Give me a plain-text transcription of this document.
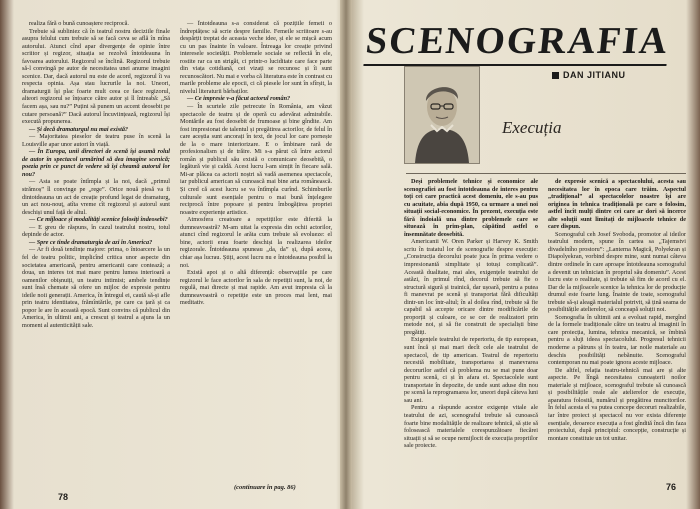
realiza fără o bună cunoaștere reciprocă.

Trebuie să subliniez că în teatrul nostru deciziile finale asupra felului cum trebuie să se facă ceva se află în mîna autorului. Atunci cînd apar divergențe de opinie între scriitor și regizor, situația se rezolvă întotdeauna în favoarea autorului. Regizorul se înclină. Regizorul trebuie să-l convingă pe autor de necesitatea unei anume imagini scenice. Dar, dacă autorul nu este de acord, regizorul îi va respecta opinia. Așa stau lucrurile la noi. Uneori, dramaturgii își plac foarte mult ceea ce face regizorul, alteori regizorul se înțoarce către autor și îl întreabă: „Să facem așa, sau nu?” Puțini să punem un accent deosebit pe cutare persoană?” Dacă autorul încuviințează, regizorul își execută propunerea.

— Și decă dramaturgul nu mai există?

— Majoritatea pieselor de teatru puse în scenă la Louisville apar unor autori în viață.

— În Europa, unii directori de scenă își asumă rolul de autor în spectacol urmărind să dea imagine scenică; poezia prin ce punct de vedere să își cheamă autorul lor nou?

— Asta se poate întîmpla și la noi, dacă „primul strămoș” îl convinge pe „rege”. Orice nouă piesă va fi dintotdeauna un act de creație profund legat de dramaturg, un act nou-nouț, atîta vreme cît regizorul și autorul sunt deschiși unul față de altul.

— Ce mijloace și modalități scenice folosiți îndeosebi?

— E greu de răspuns, în cazul teatrului nostru, totul depinde de actor.

— Spre ce tinde dramaturgia de azi în America?

— Ar fi două tendințe majore: prima, o întoarcere la un fel de teatru politic, implicînd critica unor aspecte din societatea americană, pentru americanii care contează; a doua, un interes tot mai mare pentru lumea interioară a oamenilor obișnuiți, un teatru intimist; ambele tendințe sunt însă chemate să ofere un mijloc de expresie pentru ideile noii generații. America, în întregul ei, caută să-și afle prin teatru identitatea, frămîntările, pe care ca țară și ca popor le are în această epocă. Sunt convins că publicul din America, în ultimii ani, a crescut și teatrul a ajuns la un moment al autenticității sale.

— Întotdeauna s-a considerat că pozițiile femeii o îndreptățesc să scrie despre familie. Femeile scriitoare s-au despărțit treptat de aceasta veche idee, și ele se mișcă acum cu un pas înainte în valoare. Întreaga lor creație privind interesele societății. Problemele sociale se reflectă în ele, rostite rar ca un strigăt, ci printr-o luciditate care face parte din viața cotidiană, cei vizați se recunosc și îi sunt recunoscători. Nu mai e vorba că literatura este în contrast cu marile probleme ale epocii, ci că piesele lor sunt în sfîrșit, la nivelul literaturii bărbaților.

— Ce impresie v-a făcut actorul român?

— În scurtele zile petrecute în România, am văzut spectacole de teatru și de operă cu adevărat admirabile. Montările au fost deosebit de frumoase și bine gîndite. Am fost impresionat de talentul și pregătirea actorilor, de felul în care aceștia sunt ancorați în text, de jocul lor care pornește de la o mare interiorizare. E o îmbinare rară de profesionalism și de trăire. Mi s-a părut că între actorul român și publicul său există o comunicare deosebită, o legătură vie și caldă. Acest lucru l-am simțit în fiecare sală. Mi-ar plăcea ca actorii noștri să vadă asemenea spectacole, iar publicul american să cunoască mai bine arta românească. Și cred că acest lucru se va întîmpla curînd. Schimburile culturale sunt esențiale pentru o mai bună înțelegere reciprocă între popoare și pentru îmbogățirea propriei noastre experiențe artistice.

Atmosfera creatoare a repetițiilor este diferită la dumneavoastră? M-am uitat la expresia din ochii actorilor, atunci cînd regizorul le arăta cum trebuie să evolueze: el bine, actorii erau foarte deschiși la realizarea ideilor regizorale. Întotdeauna spuneau „da, da” și, după aceea, chiar așa lucrau. Știți, acest lucru nu e întotdeauna posibil la noi.

Există apoi și o altă diferență: observațiile pe care regizorul le face actorilor în sala de repetiții sunt, la noi, de regulă, mai directe și mai rapide. Am avut impresia că la dumneavoastră o repetiție este un proces mai lent, mai meditativ.

(continuare în pag. 86)
78
SCENOGRAFIA
DAN JITIANU
Execuția

Deși problemele tehnice și economice ale scenografiei au fost întotdeauna de interes pentru toți cei care practică acest domeniu, ele s-au pus cu acuitate, abia după 1950, ca urmare a unei noi situații social-economice. În prezent, execuția este fără îndoială una dintre problemele care se situează în prim-plan, căpătînd astfel o însemnătate deosebită.

Americanii W. Oren Parker și Harvey K. Smith scriu în tratatul lor de scenografie despre execuție: „Construcția decorului poate juca în prima vedere o impresionantă simplitate și totuși complicată”. Această dualitate, mai ales, exigențele teatrului de astăzi, în primul rînd, decorul trebuie să fie o structură sigură și trainică, dar ușoară, pentru a putea fi manevrat pe scenă și transportat fără dificultăți dintr-un loc într-altul; în al doilea rînd, trebuie să fie capabil să accepte oricare dintre modificările de proporții și culoare, ce se cer de realizatori prin metode noi, și să fie construit de specialiști bine pregătiți.

Exigențele teatrului de repertoriu, de tip european, sunt încă și mai mari decît cele ale teatrului de spectacol, de tip american. Teatrul de repertoriu necesită mobilitate, transportarea și manevrarea decorurilor astfel că problema nu se mai pune doar pentru scenă, ci și în afara ei. Spectacolele sunt transportate în depozite, de unde sunt aduse din nou pe scenă la reprogramarea lor, uneori după câteva luni sau ani.

Pentru a răspunde acestor exigențe vitale ale teatrului de azi, scenograful trebuie să cunoască foarte bine modalitățile de realizare tehnică, să știe să folosească materialele corespunzătoare fiecărei situații și să se ocupe nemijlocit de execuția propriilor sale proiecte.

de expresie scenică a spectacolului, acesta sau necesitatea lor în epoca care trăim. Aspectul „tradițional” al spectacolelor noastre își are originea în tehnica tradițională pe care o folosim, astfel încît mulți dintre cei care ar dori să încerce alte soluții sunt limitați de mijloacele tehnice de care dispun.

Scenograful ceh Josef Svoboda, promotor al ideilor teatrului modern, spune în cartea sa „Tajemstvi divadelního prostoru”: „Lanterna Magică, Polyekran și Diapolyekran, vorbind despre mine, sunt numai câteva dintre ordinele în care aproape întotdeauna scenograful a devenit un tehnician în propriul său domeniu”. Acest lucru este o realitate, și trebuie să fim de acord cu el. Dar de la mijloacele scenice la tehnica lor de producție drumul este foarte lung. Înainte de toate, scenograful trebuie să-și aleagă materialul potrivit, să țină seama de posibilitățile atelierelor, să conceapă soluții noi.

Scenografia în ultimii ani a evoluat rapid, mergînd de la formele tradiționale către un teatru al imaginii în care proiecția, lumina, tehnica mecanică, se îmbină pentru a sluji ideea spectacolului. Progresul tehnicii moderne a pătruns și în teatru, iar noile materiale au deschis posibilități nebănuite. Scenograful contemporan nu mai poate ignora aceste mijloace.

De altfel, relația teatru-tehnică mai are și alte aspecte. Pe lîngă necesitatea cunoașterii noilor materiale și mijloace, scenograful trebuie să cunoască și posibilitățile reale ale atelierelor de execuție, aparatura folosită, numărul și pregătirea muncitorilor. În felul acesta el va putea concepe decoruri realizabile, iar între proiect și spectacol nu vor exista diferențe esențiale, deoarece execuția a fost gîndită încă din faza proiectului, după principiul: concepție, construcție și montare constituie un tot unitar.

76
